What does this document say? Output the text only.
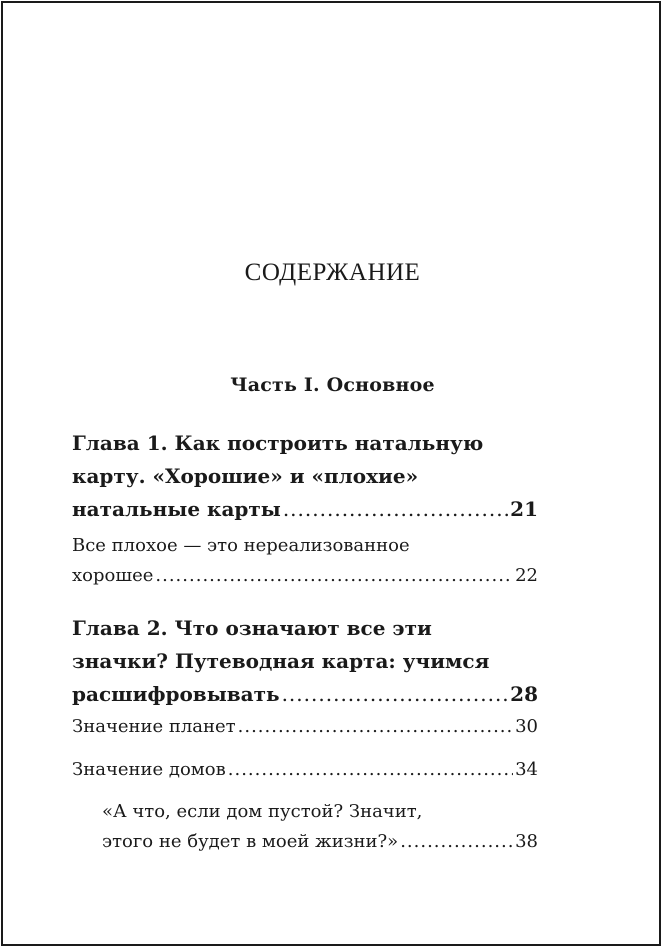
СОДЕРЖАНИЕ
Часть I. Основное
Глава 1. Как построить натальную
карту. «Хорошие» и «плохие»
натальные карты .....	21
Все плохое — это нереализованное
хорошее .....	22
Глава 2. Что означают все эти
значки? Путеводная карта: учимся
расшифровывать .....	28
Значение планет .....	30
Значение домов .....	34
«А что, если дом пустой? Значит,
этого не будет в моей жизни?» .....	38
